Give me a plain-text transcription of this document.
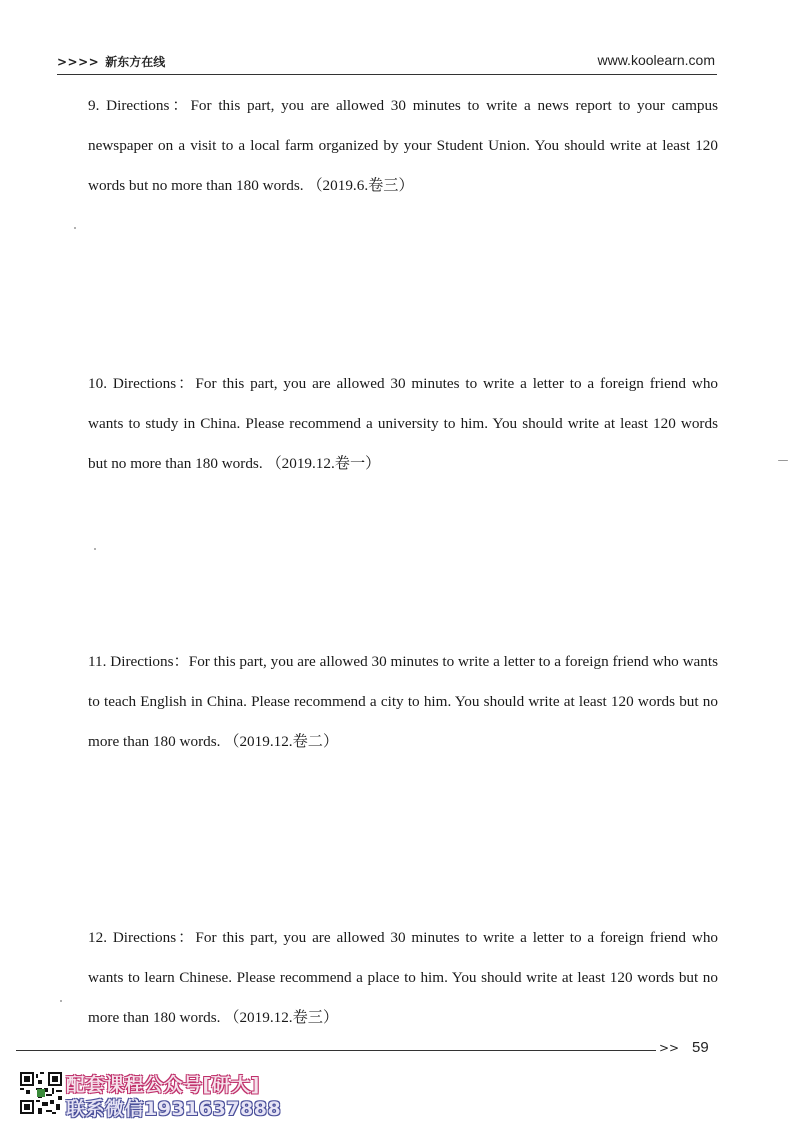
>>>> 新东方在线	www.koolearn.com
9. Directions：For this part, you are allowed 30 minutes to write a news report to your campus newspaper on a visit to a local farm organized by your Student Union. You should write at least 120 words but no more than 180 words. （2019.6.卷三）
10. Directions：For this part, you are allowed 30 minutes to write a letter to a foreign friend who wants to study in China. Please recommend a university to him. You should write at least 120 words but no more than 180 words. （2019.12.卷一）
11. Directions：For this part, you are allowed 30 minutes to write a letter to a foreign friend who wants to teach English in China. Please recommend a city to him. You should write at least 120 words but no more than 180 words. （2019.12.卷二）
12. Directions：For this part, you are allowed 30 minutes to write a letter to a foreign friend who wants to learn Chinese. Please recommend a place to him. You should write at least 120 words but no more than 180 words. （2019.12.卷三）
>> 59
配套课程公众号[研大]
联系微信1931637888
